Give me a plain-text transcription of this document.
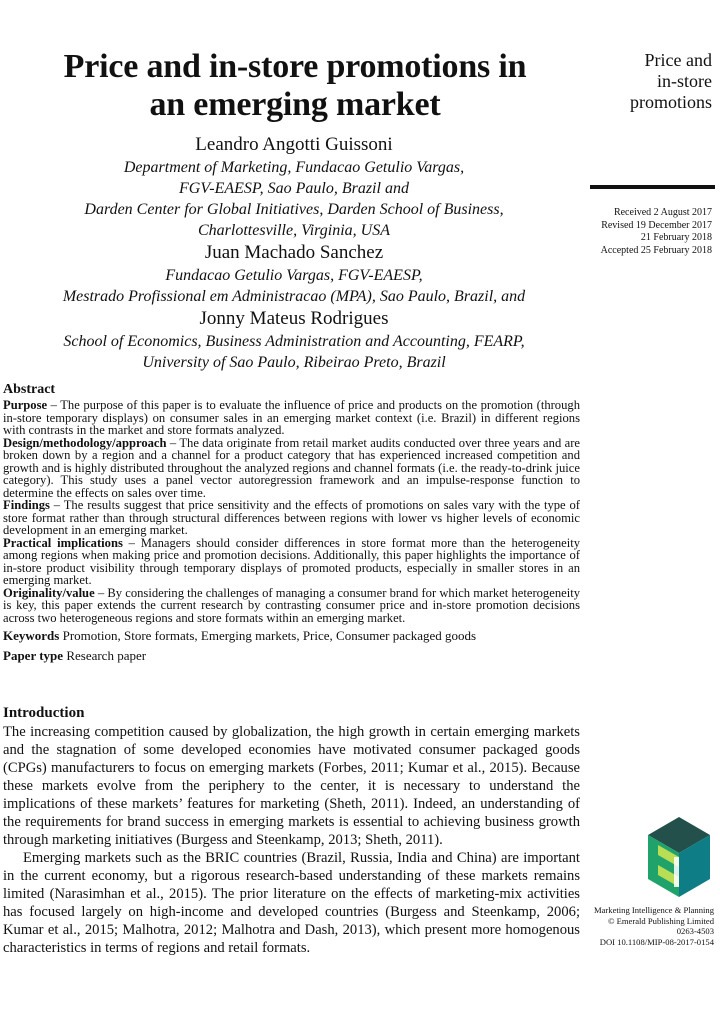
Price and in-store promotions in
an emerging market
Leandro Angotti Guissoni
Department of Marketing, Fundacao Getulio Vargas,
FGV-EAESP, Sao Paulo, Brazil and
Darden Center for Global Initiatives, Darden School of Business,
Charlottesville, Virginia, USA
Juan Machado Sanchez
Fundacao Getulio Vargas, FGV-EAESP,
Mestrado Profissional em Administracao (MPA), Sao Paulo, Brazil, and
Jonny Mateus Rodrigues
School of Economics, Business Administration and Accounting, FEARP,
University of Sao Paulo, Ribeirao Preto, Brazil
Price and
in-store
promotions
Received 2 August 2017
Revised 19 December 2017
21 February 2018
Accepted 25 February 2018
Abstract

Purpose – The purpose of this paper is to evaluate the influence of price and products on the promotion (through in-store temporary displays) on consumer sales in an emerging market context (i.e. Brazil) in different regions with contrasts in the market and store formats analyzed.

Design/methodology/approach – The data originate from retail market audits conducted over three years and are broken down by a region and a channel for a product category that has experienced increased competition and growth and is highly distributed throughout the analyzed regions and channel formats (i.e. the ready-to-drink juice category). This study uses a panel vector autoregression framework and an impulse-response function to determine the effects on sales over time.

Findings – The results suggest that price sensitivity and the effects of promotions on sales vary with the type of store format rather than through structural differences between regions with lower vs higher levels of economic development in an emerging market.

Practical implications – Managers should consider differences in store format more than the heterogeneity among regions when making price and promotion decisions. Additionally, this paper highlights the importance of in-store product visibility through temporary displays of promoted products, especially in smaller stores in an emerging market.

Originality/value – By considering the challenges of managing a consumer brand for which market heterogeneity is key, this paper extends the current research by contrasting consumer price and in-store promotion decisions across two heterogeneous regions and store formats within an emerging market.

Keywords Promotion, Store formats, Emerging markets, Price, Consumer packaged goods

Paper type Research paper

Introduction

The increasing competition caused by globalization, the high growth in certain emerging markets and the stagnation of some developed economies have motivated consumer packaged goods (CPGs) manufacturers to focus on emerging markets (Forbes, 2011; Kumar et al., 2015). Because these markets evolve from the periphery to the center, it is necessary to understand the implications of these markets’ features for marketing (Sheth, 2011). Indeed, an understanding of the requirements for brand success in emerging markets is essential to achieving business growth through marketing initiatives (Burgess and Steenkamp, 2013; Sheth, 2011).

Emerging markets such as the BRIC countries (Brazil, Russia, India and China) are important in the current economy, but a rigorous research-based understanding of these markets remains limited (Narasimhan et al., 2015). The prior literature on the effects of marketing-mix activities has focused largely on high-income and developed countries (Burgess and Steenkamp, 2006; Kumar et al., 2015; Malhotra, 2012; Malhotra and Dash, 2013), which present more homogenous characteristics in terms of regions and retail formats.

Marketing Intelligence & Planning
© Emerald Publishing Limited
0263-4503
DOI 10.1108/MIP-08-2017-0154
